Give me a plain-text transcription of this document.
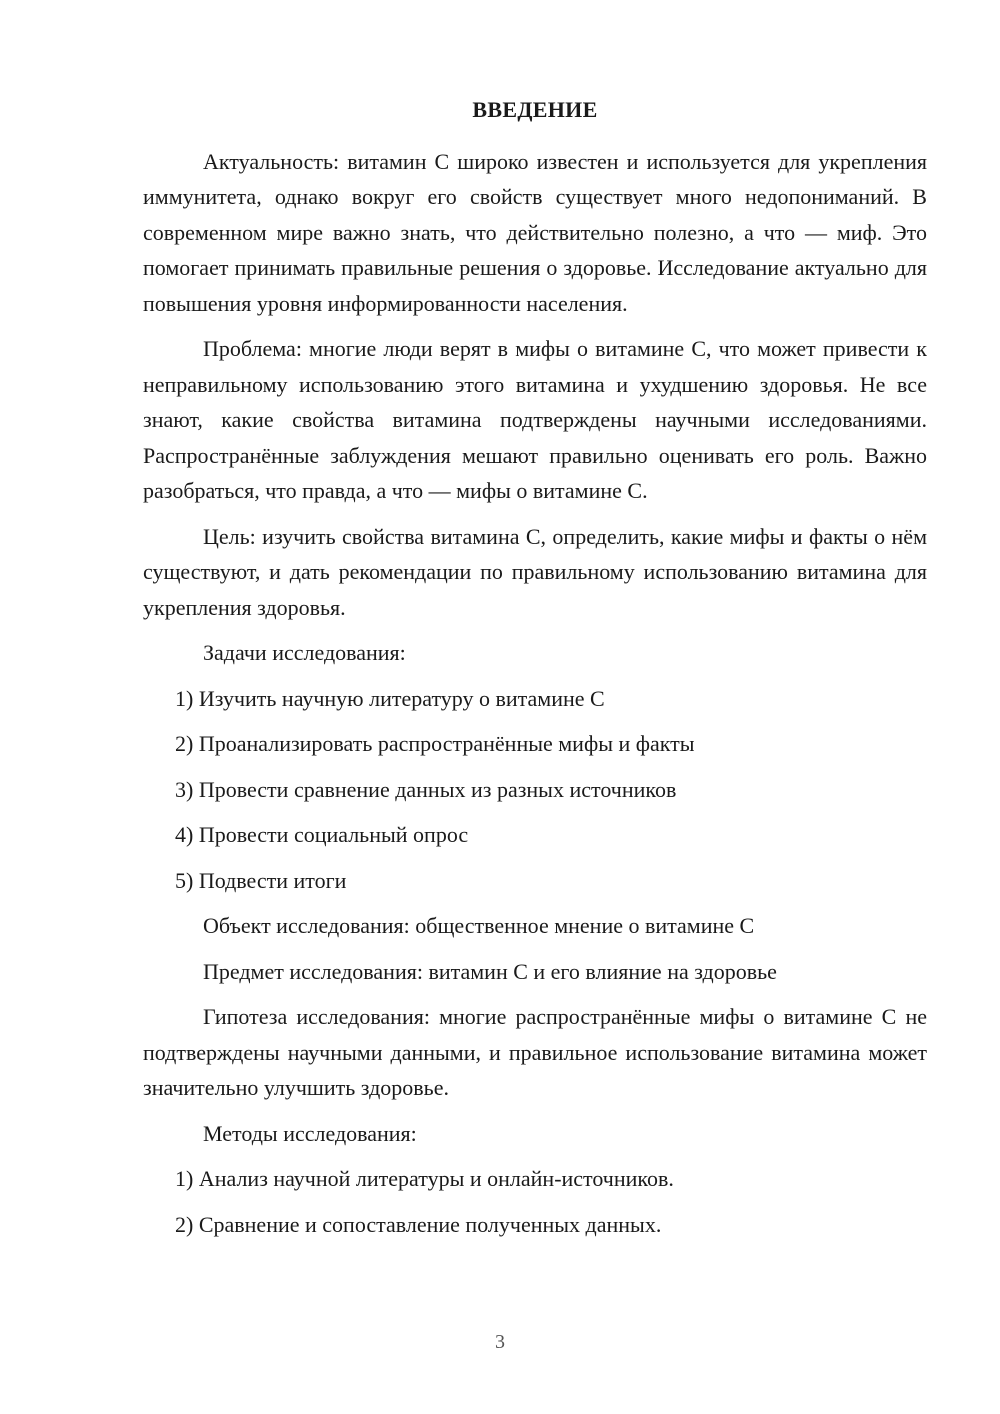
ВВЕДЕНИЕ

Актуальность: витамин С широко известен и используется для укрепления иммунитета, однако вокруг его свойств существует много недопониманий. В современном мире важно знать, что действительно полезно, а что — миф. Это помогает принимать правильные решения о здоровье. Исследование актуально для повышения уровня информированности населения.

Проблема: многие люди верят в мифы о витамине С, что может привести к неправильному использованию этого витамина и ухудшению здоровья. Не все знают, какие свойства витамина подтверждены научными исследованиями. Распространённые заблуждения мешают правильно оценивать его роль. Важно разобраться, что правда, а что — мифы о витамине С.

Цель: изучить свойства витамина С, определить, какие мифы и факты о нём существуют, и дать рекомендации по правильному использованию витамина для укрепления здоровья.

Задачи исследования:

1) Изучить научную литературу о витамине С

2) Проанализировать распространённые мифы и факты

3) Провести сравнение данных из разных источников

4) Провести социальный опрос

5) Подвести итоги

Объект исследования: общественное мнение о витамине С

Предмет исследования: витамин С и его влияние на здоровье

Гипотеза исследования: многие распространённые мифы о витамине С не подтверждены научными данными, и правильное использование витамина может значительно улучшить здоровье.

Методы исследования:

1) Анализ научной литературы и онлайн-источников.

2) Сравнение и сопоставление полученных данных.

3
